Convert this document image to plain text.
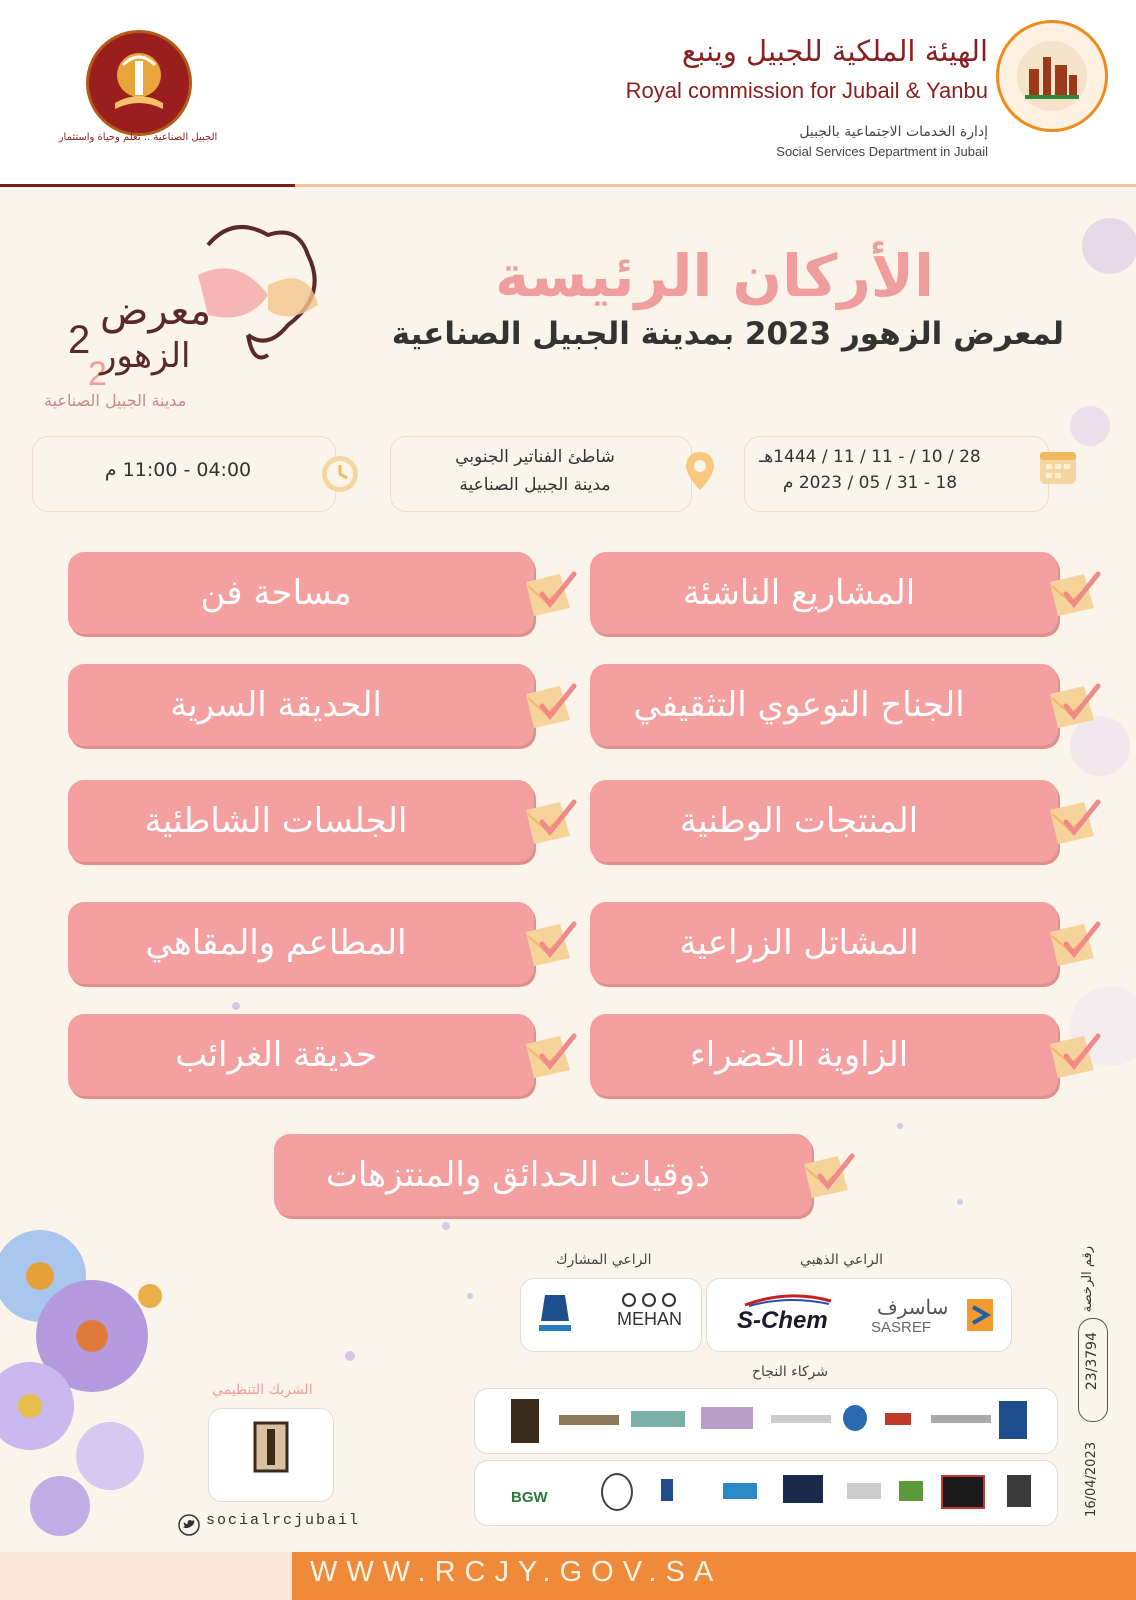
الهيئة الملكية للجبيل وينبع
Royal commission for Jubail & Yanbu
إدارة الخدمات الاجتماعية بالجبيل
Social Services Department in Jubail
الجبيل الصناعية .. تعلم وحياة واستثمار
2
2
معرض
الزهور
مدينة الجبيل الصناعية
الأركان الرئيسة
لمعرض الزهور 2023 بمدينة الجبيل الصناعية
28 / 10 / - 11 / 11 / 1444هـ
18 - 31 / 05 / 2023 م
شاطئ الفناتير الجنوبي
مدينة الجبيل الصناعية
04:00 - 11:00 م
المشاريع الناشئة
مساحة فن
الجناح التوعوي التثقيفي
الحديقة السرية
المنتجات الوطنية
الجلسات الشاطئية
المشاتل الزراعية
المطاعم والمقاهي
الزاوية الخضراء
حديقة الغرائب
ذوقيات الحدائق والمنتزهات
الراعي الذهبي
الراعي المشارك
ساسرف
SASREF
S-Chem
MEHAN
شركاء النجاح
BGW
الشريك التنظيمي
socialrcjubail
رقم الرخصة
23/3794
16/04/2023
WWW.RCJY.GOV.SA
